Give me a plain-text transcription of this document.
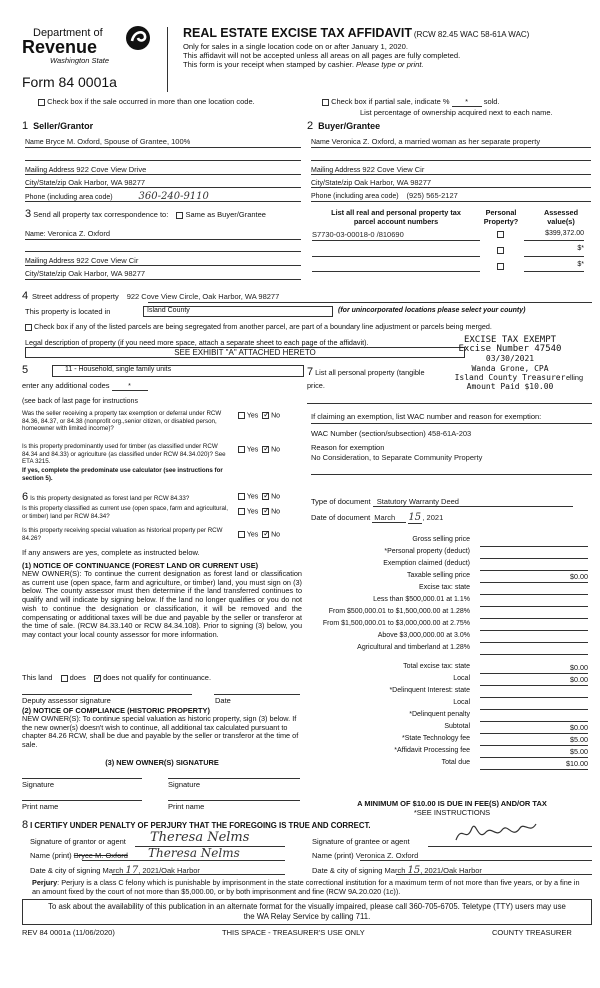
Department of
Revenue
Washington State
Form 84 0001a
REAL ESTATE EXCISE TAX AFFIDAVIT (RCW 82.45 WAC 58-61A WAC)
Only for sales in a single location code on or after January 1, 2020.
This affidavit will not be accepted unless all areas on all pages are fully completed.
This form is your receipt when stamped by cashier. Please type or print.
Check box if the sale occurred in more than one location code.	Check box if partial sale, indicate % * sold.
List percentage of ownership acquired next to each name.
1 Seller/Grantor
Name Bryce M. Oxford, Spouse of Grantee, 100%
Mailing Address 922 Cove View Drive
City/State/zip Oak Harbor, WA 98277
Phone (including area code)	360-240-9110
2 Buyer/Grantee
Name Veronica Z. Oxford, a married woman as her separate property
Mailing Address 922 Cove View Cir
City/State/zip Oak Harbor, WA 98277
Phone (including area code) (925) 565-2127
3 Send all property tax correspondence to: Same as Buyer/Grantee
Name: Veronica Z. Oxford
Mailing Address 922 Cove View Cir
City/State/zip Oak Harbor, WA 98277
List all real and personal property tax
parcel account numbers
Personal
Property?
Assessed
value(s)
S7730-03-00018-0 /810690	$399,372.00
$*
$*
4 Street address of property 922 Cove View Circle, Oak Harbor, WA 98277
This property is located in	Island County	(for unincorporated locations please select your county)
Check box if any of the listed parcels are being segregated from another parcel, are part of a boundary line adjustment or parcels being merged.
Legal description of property (if you need more space, attach a separate sheet to each page of the affidavit).
SEE EXHIBIT "A" ATTACHED HERETO
EXCISE TAX EXEMPT
Excise Number 47540
03/30/2021
Wanda Grone, CPA
Island County Treasurer
Amount Paid $10.00
5	11 - Household, single family units
enter any additional codes	*
(see back of last page for instructions
Was the seller receiving a property tax exemption or deferral under RCW 84.36, 84.37, or 84.38 (nonprofit org.,senior citizen, or disabled person, homeowner with limited income)?
Yes ✓ No
Is this property predominantly used for timber (as classified under RCW 84.34 and 84.33) or agriculture (as classified under RCW 84.34.020)? See ETA 3215.
If yes, complete the predominate use calculator (see instructions for section 5).
Yes ✓ No
7 List all personal property (tangible
price.
elling
If claiming an exemption, list WAC number and reason for exemption:
WAC Number (section/subsection) 458-61A-203
Reason for exemption
No Consideration, to Separate Community Property
6 Is this property designated as forest land per RCW 84.33?	Yes ✓ No
Is this property classified as current use (open space, farm and agricultural, or timber) land per RCW 84.34?
Yes ✓ No
Is this property receiving special valuation as historical property per RCW 84.26?	Yes ✓ No
If any answers are yes, complete as instructed below.
(1) NOTICE OF CONTINUANCE (FOREST LAND OR CURRENT USE)
NEW OWNER(S): To continue the current designation as forest land or classification as current use (open space, farm and agriculture, or timber) land, you must sign on (3) below. The county assessor must then determine if the land transferred continues to qualify and will indicate by signing below. If the land no longer qualifies or you do not wish to continue the designation or classification, it will be removed and the compensating or additional taxes will be due and payable by the seller or transferor at the time of sale. (RCW 84.33.140 or RCW 84.34.108). Prior to signing (3) below, you may contact your local county assessor for more information.
This land does ✓ does not qualify for continuance.
Deputy assessor signature	Date
(2) NOTICE OF COMPLIANCE (HISTORIC PROPERTY)
NEW OWNER(S): To continue special valuation as historic property, sign (3) below. If the new owner(s) doesn't wish to continue, all additional tax calculated pursuant to chapter 84.26 RCW, shall be due and payable by the seller or transferor at the time of sale.
(3) NEW OWNER(S) SIGNATURE
Signature	Signature
Print name	Print name
Type of document Statutory Warranty Deed
Date of document March 15, 2021
Gross selling price
*Personal property (deduct)
Exemption claimed (deduct)
Taxable selling price	$0.00
Excise tax: state
Less than $500,000.01 at 1.1%
From $500,000.01 to $1,500,000.00 at 1.28%
From $1,500,000.01 to $3,000,000.00 at 2.75%
Above $3,000,000.00 at 3.0%
Agricultural and timberland at 1.28%
Total excise tax: state	$0.00
Local	$0.00
*Delinquent Interest: state
Local
*Delinquent penalty
Subtotal	$0.00
*State Technology fee	$5.00
*Affidavit Processing fee	$5.00
Total due	$10.00
A MINIMUM OF $10.00 IS DUE IN FEE(S) AND/OR TAX
*SEE INSTRUCTIONS
8 I CERTIFY UNDER PENALTY OF PERJURY THAT THE FOREGOING IS TRUE AND CORRECT.
Signature of grantor or agent Theresa Nelms
Name (print) Bryce M. Oxford Theresa Nelms
Date & city of signing March 17, 2021/Oak Harbor
Signature of grantee or agent
Name (print) Veronica Z. Oxford
Date & city of signing March 15, 2021/Oak Harbor
Perjury: Perjury is a class C felony which is punishable by imprisonment in the state correctional institution for a maximum term of not more than five years, or by a fine in an amount fixed by the court of not more than $5,000.00, or by both imprisonment and fine (RCW 9A.20.020 (1c)).
To ask about the availability of this publication in an alternate format for the visually impaired, please call 360-705-6705. Teletype (TTY) users may use the WA Relay Service by calling 711.
REV 84 0001a (11/06/2020)	THIS SPACE - TREASURER'S USE ONLY	COUNTY TREASURER
